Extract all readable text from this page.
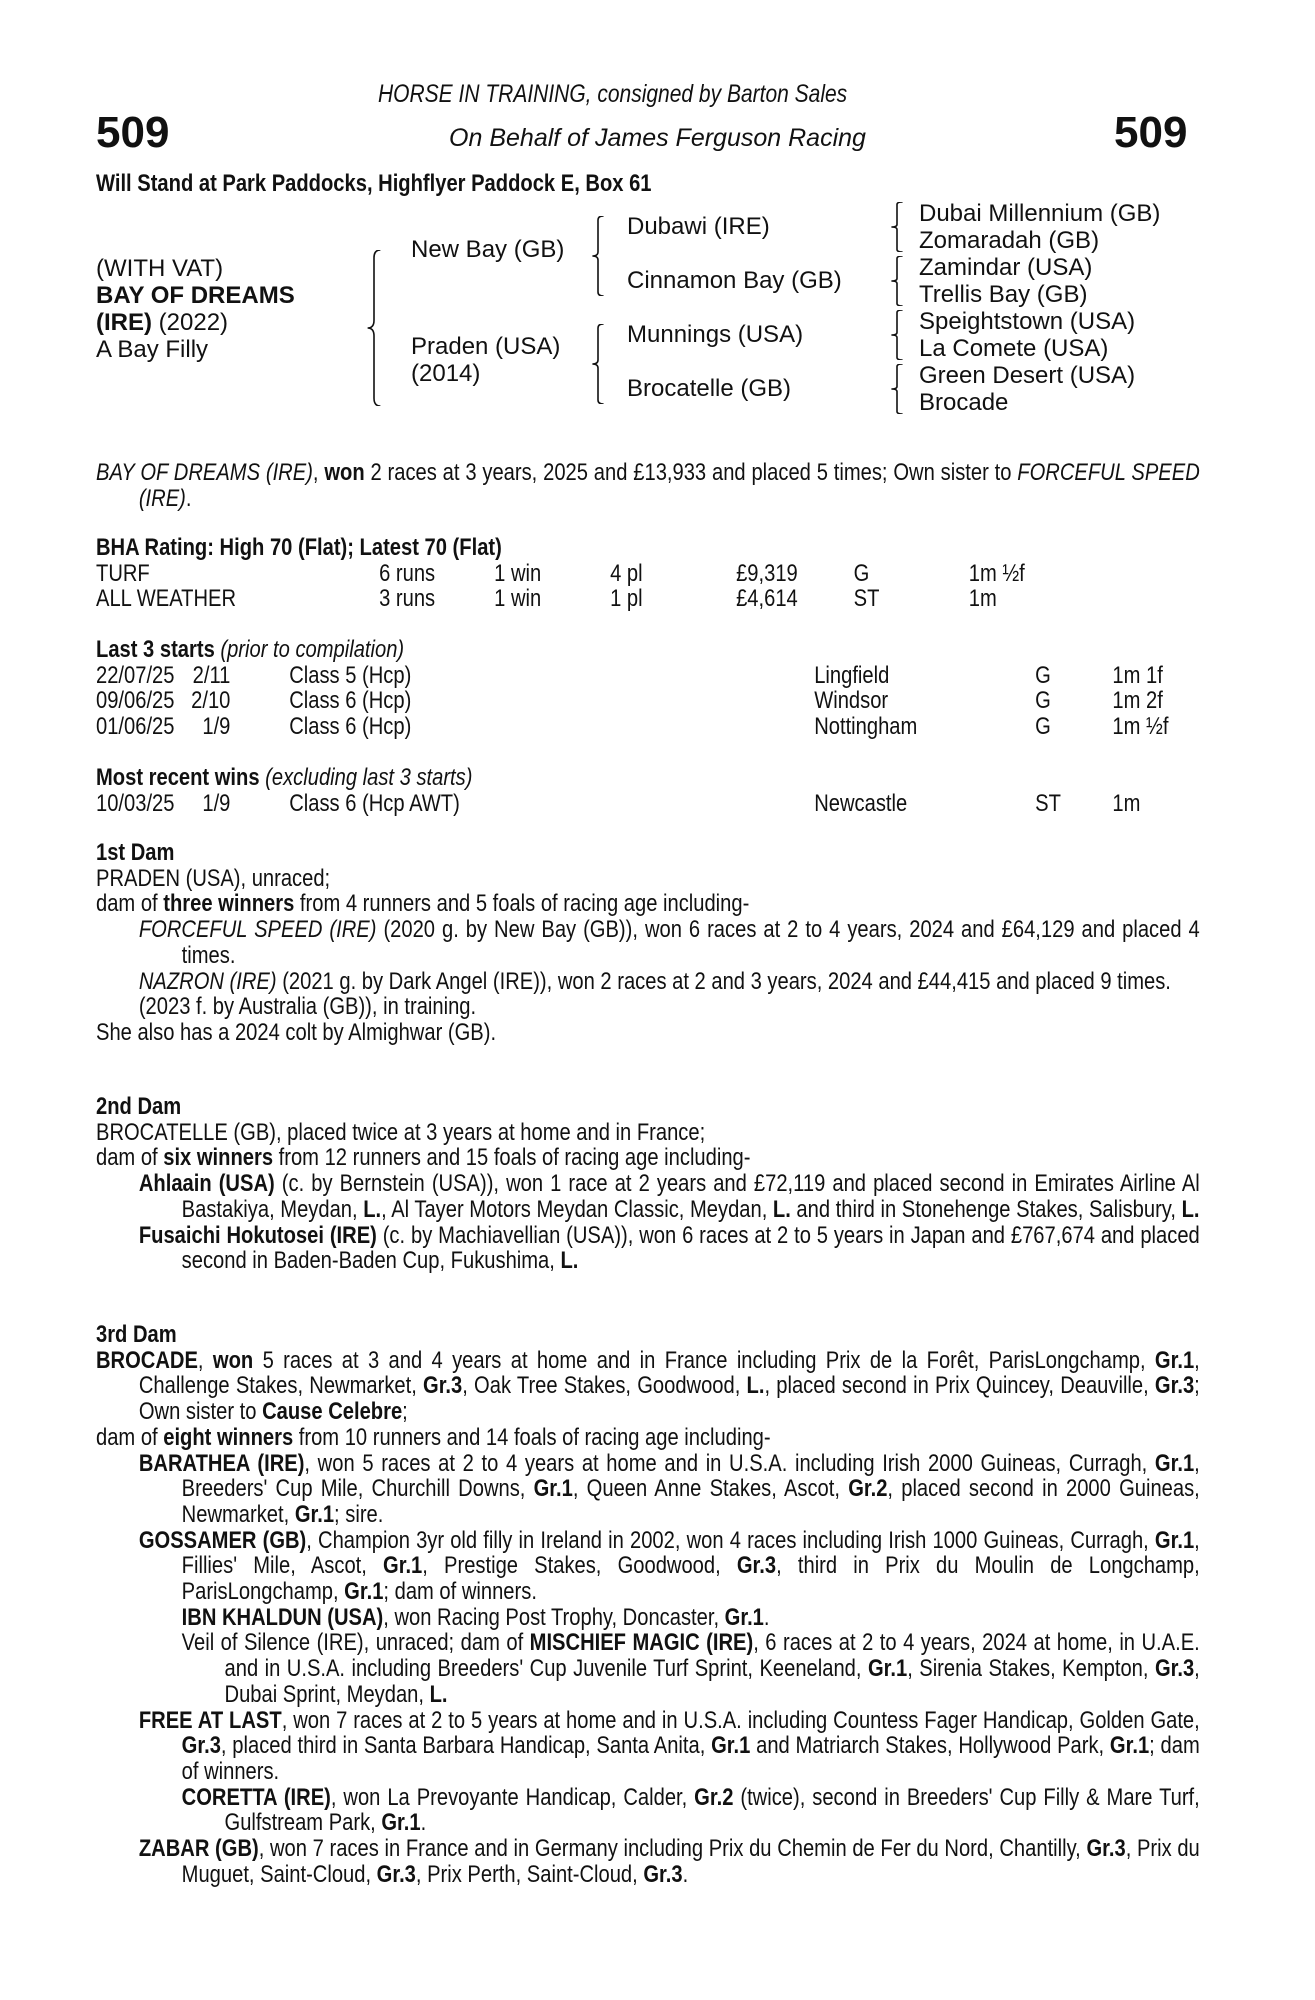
HORSE IN TRAINING, consigned by Barton Sales
509	On Behalf of James Ferguson Racing	509
Will Stand at Park Paddocks, Highflyer Paddock E, Box 61
(WITH VAT)
BAY OF DREAMS
(IRE) (2022)
A Bay Filly
New Bay (GB)
Praden (USA)
(2014)
Dubawi (IRE)
Cinnamon Bay (GB)
Munnings (USA)
Brocatelle (GB)
Dubai Millennium (GB)
Zomaradah (GB)
Zamindar (USA)
Trellis Bay (GB)
Speightstown (USA)
La Comete (USA)
Green Desert (USA)
Brocade
BAY OF DREAMS (IRE), won 2 races at 3 years, 2025 and £13,933 and placed 5 times; Own sister to FORCEFUL SPEED (IRE).
BHA Rating: High 70 (Flat); Latest 70 (Flat)
TURF	6 runs 1 win	4 pl	£9,319 G	1m ½f
ALL WEATHER	3 runs 1 win	1 pl	£4,614 ST	1m
Last 3 starts (prior to compilation)
22/07/25 2/11 Class 5 (Hcp)	Lingfield	G	1m 1f
09/06/25 2/10 Class 6 (Hcp)	Windsor	G	1m 2f
01/06/25 1/9 Class 6 (Hcp)	Nottingham	G	1m ½f
Most recent wins (excluding last 3 starts)
10/03/25 1/9 Class 6 (Hcp AWT)	Newcastle	ST 1m
1st Dam
PRADEN (USA), unraced;
dam of three winners from 4 runners and 5 foals of racing age including-
FORCEFUL SPEED (IRE) (2020 g. by New Bay (GB)), won 6 races at 2 to 4 years, 2024 and £64,129 and placed 4 times.
NAZRON (IRE) (2021 g. by Dark Angel (IRE)), won 2 races at 2 and 3 years, 2024 and £44,415 and placed 9 times.
(2023 f. by Australia (GB)), in training.
She also has a 2024 colt by Almighwar (GB).
2nd Dam
BROCATELLE (GB), placed twice at 3 years at home and in France;
dam of six winners from 12 runners and 15 foals of racing age including-
Ahlaain (USA) (c. by Bernstein (USA)), won 1 race at 2 years and £72,119 and placed second in Emirates Airline Al Bastakiya, Meydan, L., Al Tayer Motors Meydan Classic, Meydan, L. and third in Stonehenge Stakes, Salisbury, L.
Fusaichi Hokutosei (IRE) (c. by Machiavellian (USA)), won 6 races at 2 to 5 years in Japan and £767,674 and placed second in Baden-Baden Cup, Fukushima, L.
3rd Dam
BROCADE, won 5 races at 3 and 4 years at home and in France including Prix de la Forêt, ParisLongchamp, Gr.1, Challenge Stakes, Newmarket, Gr.3, Oak Tree Stakes, Goodwood, L., placed second in Prix Quincey, Deauville, Gr.3; Own sister to Cause Celebre;
dam of eight winners from 10 runners and 14 foals of racing age including-
BARATHEA (IRE), won 5 races at 2 to 4 years at home and in U.S.A. including Irish 2000 Guineas, Curragh, Gr.1, Breeders' Cup Mile, Churchill Downs, Gr.1, Queen Anne Stakes, Ascot, Gr.2, placed second in 2000 Guineas, Newmarket, Gr.1; sire.
GOSSAMER (GB), Champion 3yr old filly in Ireland in 2002, won 4 races including Irish 1000 Guineas, Curragh, Gr.1, Fillies' Mile, Ascot, Gr.1, Prestige Stakes, Goodwood, Gr.3, third in Prix du Moulin de Longchamp, ParisLongchamp, Gr.1; dam of winners.
IBN KHALDUN (USA), won Racing Post Trophy, Doncaster, Gr.1.
Veil of Silence (IRE), unraced; dam of MISCHIEF MAGIC (IRE), 6 races at 2 to 4 years, 2024 at home, in U.A.E. and in U.S.A. including Breeders' Cup Juvenile Turf Sprint, Keeneland, Gr.1, Sirenia Stakes, Kempton, Gr.3, Dubai Sprint, Meydan, L.
FREE AT LAST, won 7 races at 2 to 5 years at home and in U.S.A. including Countess Fager Handicap, Golden Gate, Gr.3, placed third in Santa Barbara Handicap, Santa Anita, Gr.1 and Matriarch Stakes, Hollywood Park, Gr.1; dam of winners.
CORETTA (IRE), won La Prevoyante Handicap, Calder, Gr.2 (twice), second in Breeders' Cup Filly & Mare Turf, Gulfstream Park, Gr.1.
ZABAR (GB), won 7 races in France and in Germany including Prix du Chemin de Fer du Nord, Chantilly, Gr.3, Prix du Muguet, Saint-Cloud, Gr.3, Prix Perth, Saint-Cloud, Gr.3.
